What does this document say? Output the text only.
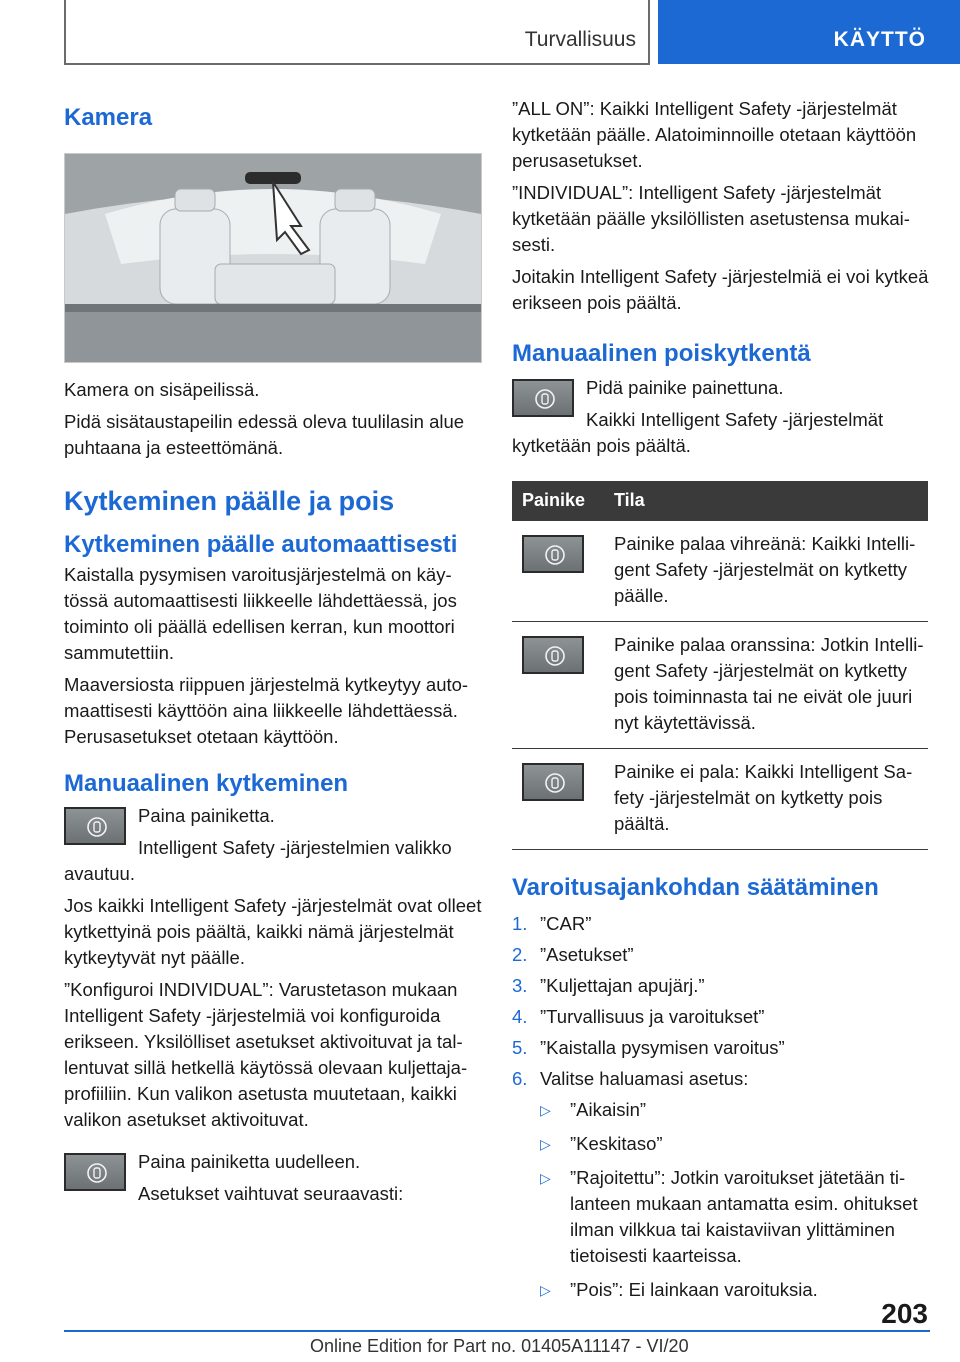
Turvallisuus	KÄYTTÖ
Kamera

Kamera on sisäpeilissä.

Pidä sisätaustapeilin edessä oleva tuulilasin alue puhtaana ja esteettömänä.

Kytkeminen päälle ja pois
Kytkeminen päälle automaattisesti

Kaistalla pysymisen varoitusjärjestelmä on käytössä automaattisesti liikkeelle lähdettäessä, jos toiminto oli päällä edellisen kerran, kun moottori sammutettiin.

Maaversiosta riippuen järjestelmä kytkeytyy automaattisesti käyttöön aina liikkeelle lähdettäessä. Perusasetukset otetaan käyttöön.

Manuaalinen kytkeminen

Paina painiketta.

Intelligent Safety -järjestelmien valikko avautuu.

Jos kaikki Intelligent Safety -järjestelmät ovat olleet kytkettyinä pois päältä, kaikki nämä järjestelmät kytkeytyvät nyt päälle.

”Konfiguroi INDIVIDUAL”: Varustetason mukaan Intelligent Safety -järjestelmiä voi konfiguroida erikseen. Yksilölliset asetukset aktivoituvat ja tallentuvat sillä hetkellä käytössä olevaan kuljettajaprofiiliin. Kun valikon asetusta muutetaan, kaikki valikon asetukset aktivoituvat.

Paina painiketta uudelleen.

Asetukset vaihtuvat seuraavasti:

”ALL ON”: Kaikki Intelligent Safety -järjestelmät kytketään päälle. Alatoiminnoille otetaan käyttöön perusasetukset.

”INDIVIDUAL”: Intelligent Safety -järjestelmät kytketään päälle yksilöllisten asetustensa mukaisesti.

Joitakin Intelligent Safety -järjestelmiä ei voi kytkeä erikseen pois päältä.

Manuaalinen poiskytkentä

Pidä painike painettuna.

Kaikki Intelligent Safety -järjestelmät kytketään pois päältä.

Painike	Tila

	Painike palaa vihreänä: Kaikki Intelligent Safety -järjestelmät on kytketty päälle.

	Painike palaa oranssina: Jotkin Intelligent Safety -järjestelmät on kytketty pois toiminnasta tai ne eivät ole juuri nyt käytettävissä.

	Painike ei pala: Kaikki Intelligent Safety -järjestelmät on kytketty pois päältä.
Varoitusajankohdan säätäminen
1. ”CAR”
2. ”Asetukset”
3. ”Kuljettajan apujärj.”
4. ”Turvallisuus ja varoitukset”
5. ”Kaistalla pysymisen varoitus”
6. Valitse haluamasi asetus:
▷	”Aikaisin”
▷	”Keskitaso”
▷	”Rajoitettu”: Jotkin varoitukset jätetään tilanteen mukaan antamatta esim. ohitukset ilman vilkkua tai kaistaviivan ylittäminen tietoisesti kaarteissa.
▷	”Pois”: Ei lainkaan varoituksia.
203
Online Edition for Part no. 01405A11147 - VI/20
